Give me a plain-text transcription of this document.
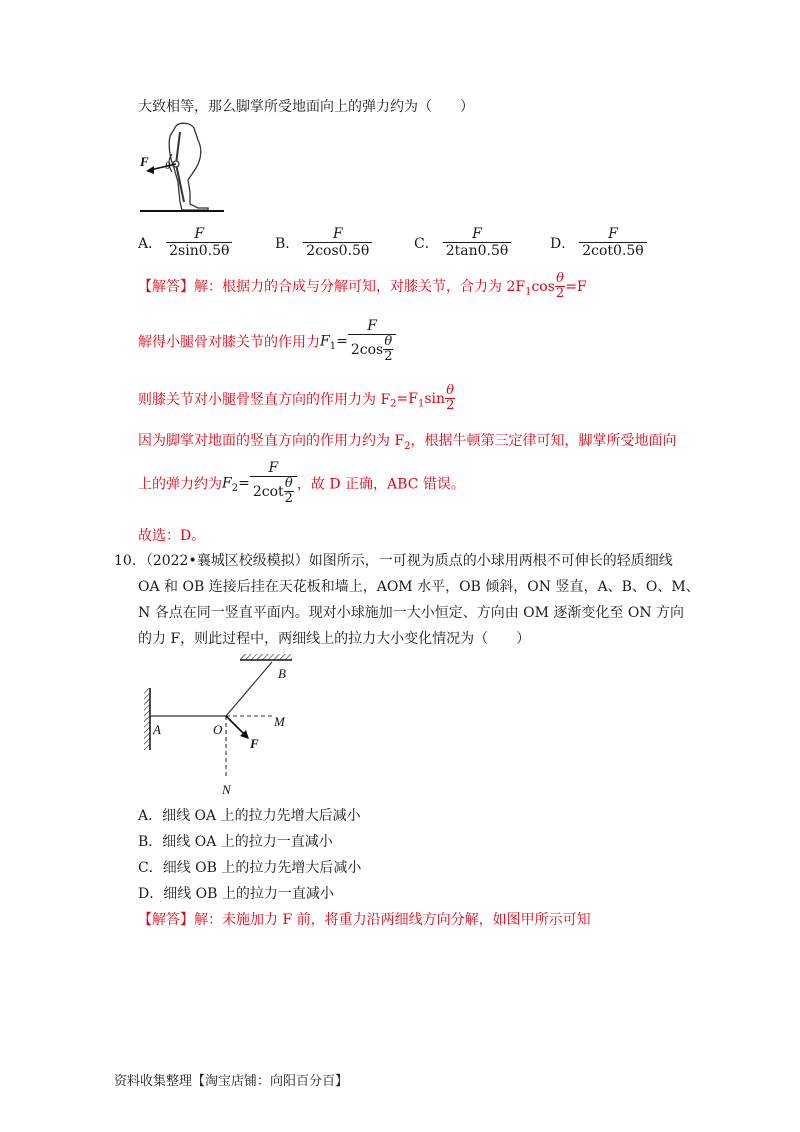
大致相等，那么脚掌所受地面向上的弹力约为（　　）
F θ
A． $\frac{F}{2\sin 0.5\theta}$	B． $\frac{F}{2\cos 0.5\theta}$	C． $\frac{F}{2\tan 0.5\theta}$	D． $\frac{F}{2\cot 0.5\theta}$
【解答】解：根据力的合成与分解可知，对膝关节，合力为 $2F_1\cos \frac{\theta}{2} =F$
解得小腿骨对膝关节的作用力$F_1= \frac{F}{2\cos \frac{\theta}{2}}$
则膝关节对小腿骨竖直方向的作用力为 $F_2=F_1\sin \frac{\theta}{2}$
因为脚掌对地面的竖直方向的作用力约为 $F_2$，根据牛顿第三定律可知，脚掌所受地面向
上的弹力约为$F_2= \frac{F}{2\cot \frac{\theta}{2}}$ ，故 D 正确，ABC 错误。
故选：D。
10．（2022•襄城区校级模拟）如图所示，一可视为质点的小球用两根不可伸长的轻质细线
OA 和 OB 连接后挂在天花板和墙上，AOM 水平，OB 倾斜，ON 竖直，A、B、O、M、
N 各点在同一竖直平面内。现对小球施加一大小恒定、方向由 OM 逐渐变化至 ON 方向
的力 F，则此过程中，两细线上的拉力大小变化情况为（　　）
B
A	O
M
F
N
A．细线 OA 上的拉力先增大后减小
B．细线 OA 上的拉力一直减小
C．细线 OB 上的拉力先增大后减小
D．细线 OB 上的拉力一直减小
【解答】解：未施加力 F 前，将重力沿两细线方向分解，如图甲所示可知
资料收集整理【淘宝店铺：向阳百分百】
